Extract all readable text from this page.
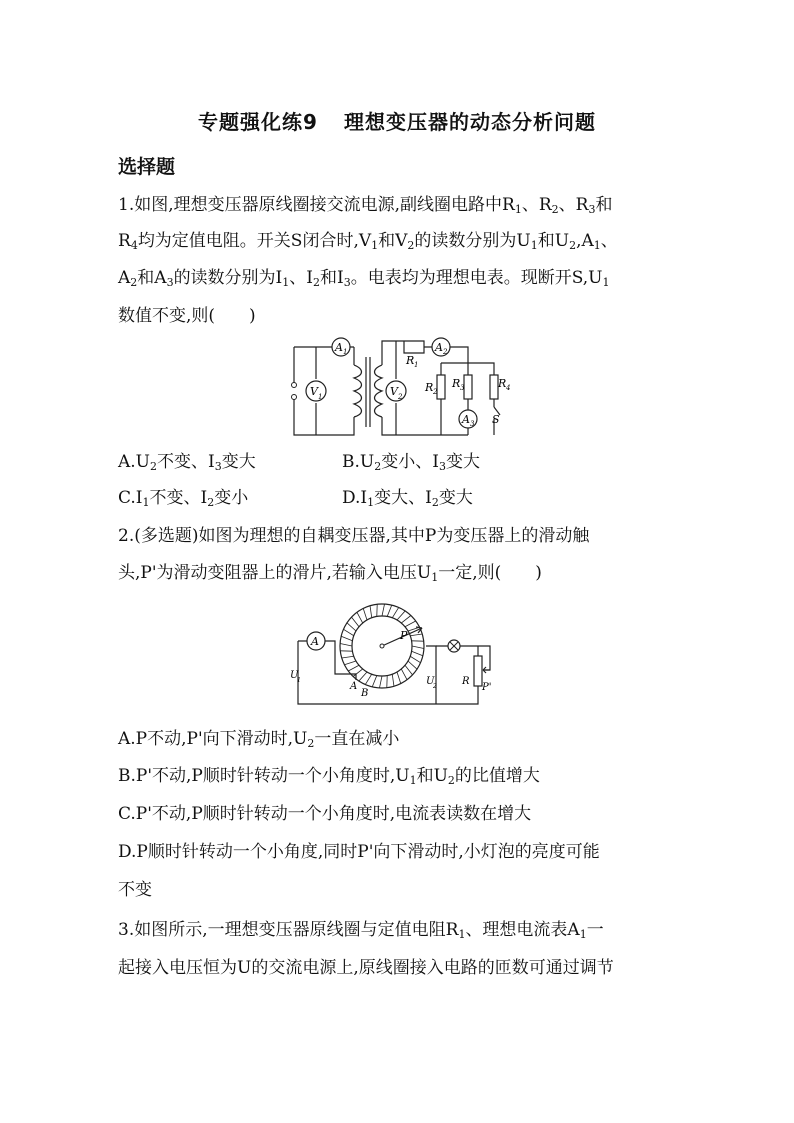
专题强化练9 理想变压器的动态分析问题
选择题
1.如图,理想变压器原线圈接交流电源,副线圈电路中$R_1$、$R_2$、$R_3$和
$R_4$均为定值电阻。开关S闭合时$,V_1$和$V_2$的读数分别为$U_1$和$U_2,A_1$、
$A_2$和$A_3$的读数分别为$I_1$、$I_2$和$I_3$。电表均为理想电表。现断开$S,U_1$
数值不变,则(　　)
A 1
V 1	V 2
A 2
A 3
R 1
R 2
R 3	R 4
S
$A.U_2$不变、$I_3$变大	$B.U_2$变小、$I_3$变大
$C.I_1$不变、$I_2$变小	$D.I_1$变大、$I_2$变大
2.(多选题)如图为理想的自耦变压器,其中P为变压器上的滑动触
头,P'为滑动变阻器上的滑片,若输入电压$U_1$一定,则(　　)
A	P
A
B
U
1	U
2	R
P'
A.P不动,P'向下滑动时$,U_2$一直在减小
B.P'不动,P顺时针转动一个小角度时$,U_1$和$U_2$的比值增大
C.P'不动,P顺时针转动一个小角度时,电流表读数在增大
D.P顺时针转动一个小角度,同时P'向下滑动时,小灯泡的亮度可能
不变
3.如图所示,一理想变压器原线圈与定值电阻$R_1$、理想电流表$A_1$一
起接入电压恒为U的交流电源上,原线圈接入电路的匝数可通过调节
